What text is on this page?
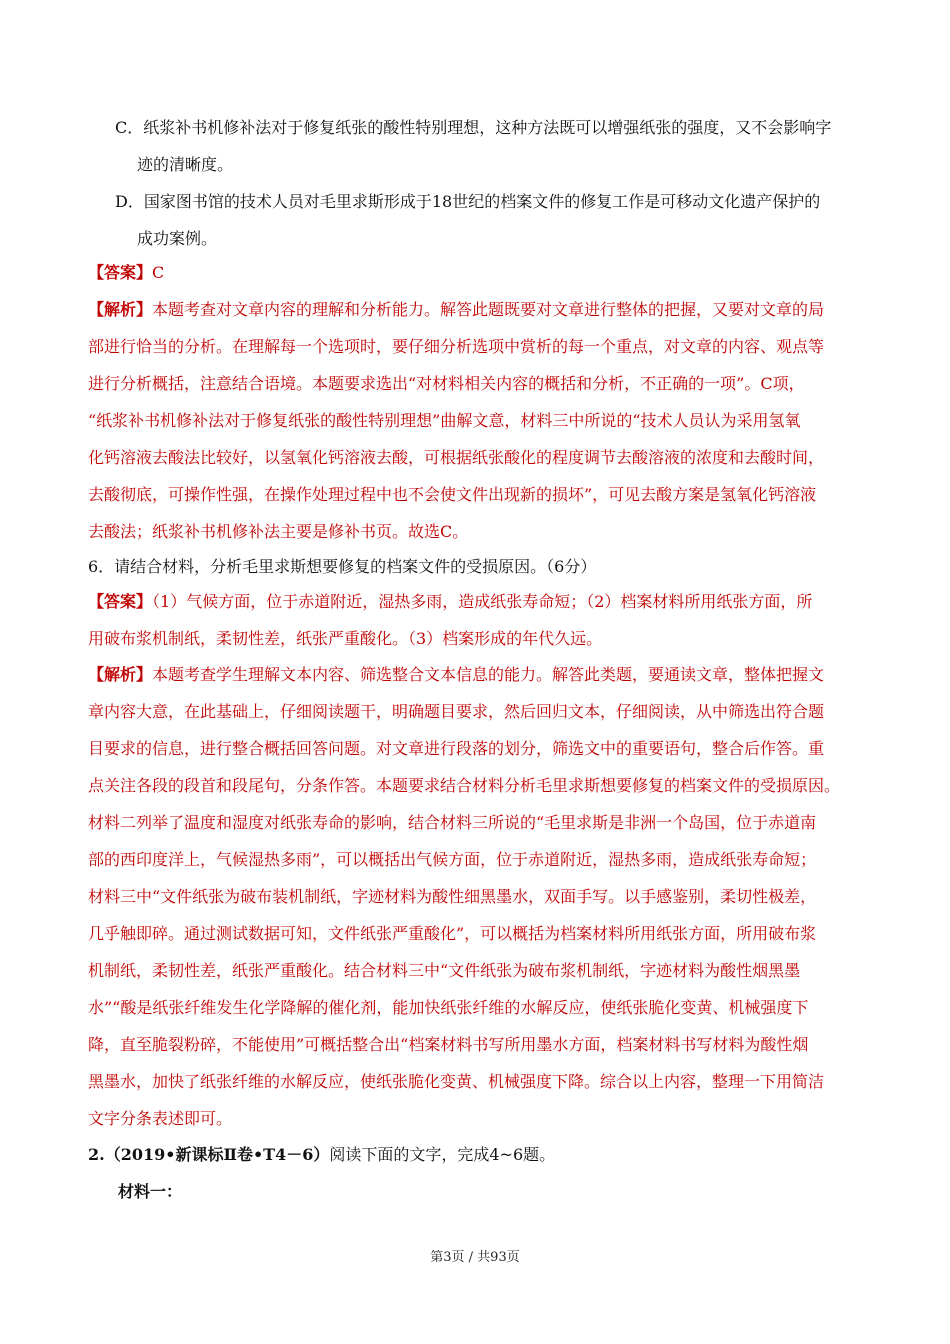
C．纸浆补书机修补法对于修复纸张的酸性特别理想，这种方法既可以增强纸张的强度，又不会影响字
迹的清晰度。
D．国家图书馆的技术人员对毛里求斯形成于18世纪的档案文件的修复工作是可移动文化遗产保护的
成功案例。
【答案】C
【解析】本题考查对文章内容的理解和分析能力。解答此题既要对文章进行整体的把握，又要对文章的局
部进行恰当的分析。在理解每一个选项时，要仔细分析选项中赏析的每一个重点，对文章的内容、观点等
进行分析概括，注意结合语境。本题要求选出“对材料相关内容的概括和分析，不正确的一项”。C项，
“纸浆补书机修补法对于修复纸张的酸性特别理想”曲解文意，材料三中所说的“技术人员认为采用氢氧
化钙溶液去酸法比较好，以氢氧化钙溶液去酸，可根据纸张酸化的程度调节去酸溶液的浓度和去酸时间，
去酸彻底，可操作性强，在操作处理过程中也不会使文件出现新的损坏”，可见去酸方案是氢氧化钙溶液
去酸法；纸浆补书机修补法主要是修补书页。故选C。
6．请结合材料，分析毛里求斯想要修复的档案文件的受损原因。（6分）
【答案】（1）气候方面，位于赤道附近，湿热多雨，造成纸张寿命短；（2）档案材料所用纸张方面，所
用破布浆机制纸，柔韧性差，纸张严重酸化。（3）档案形成的年代久远。
【解析】本题考查学生理解文本内容、筛选整合文本信息的能力。解答此类题，要通读文章，整体把握文
章内容大意，在此基础上，仔细阅读题干，明确题目要求，然后回归文本，仔细阅读，从中筛选出符合题
目要求的信息，进行整合概括回答问题。对文章进行段落的划分，筛选文中的重要语句，整合后作答。重
点关注各段的段首和段尾句，分条作答。本题要求结合材料分析毛里求斯想要修复的档案文件的受损原因。
材料二列举了温度和湿度对纸张寿命的影响，结合材料三所说的“毛里求斯是非洲一个岛国，位于赤道南
部的西印度洋上，气候湿热多雨”，可以概括出气候方面，位于赤道附近，湿热多雨，造成纸张寿命短；
材料三中“文件纸张为破布装机制纸，字迹材料为酸性细黑墨水，双面手写。以手感鉴别，柔切性极差，
几乎触即碎。通过测试数据可知，文件纸张严重酸化”，可以概括为档案材料所用纸张方面，所用破布浆
机制纸，柔韧性差，纸张严重酸化。结合材料三中“文件纸张为破布浆机制纸，字迹材料为酸性烟黑墨
水”“酸是纸张纤维发生化学降解的催化剂，能加快纸张纤维的水解反应，使纸张脆化变黄、机械强度下
降，直至脆裂粉碎，不能使用”可概括整合出“档案材料书写所用墨水方面，档案材料书写材料为酸性烟
黑墨水，加快了纸张纤维的水解反应，使纸张脆化变黄、机械强度下降。综合以上内容，整理一下用简洁
文字分条表述即可。
2.（2019•新课标Ⅱ卷•T4－6）阅读下面的文字，完成4~6题。
材料一：
第3页 / 共93页
